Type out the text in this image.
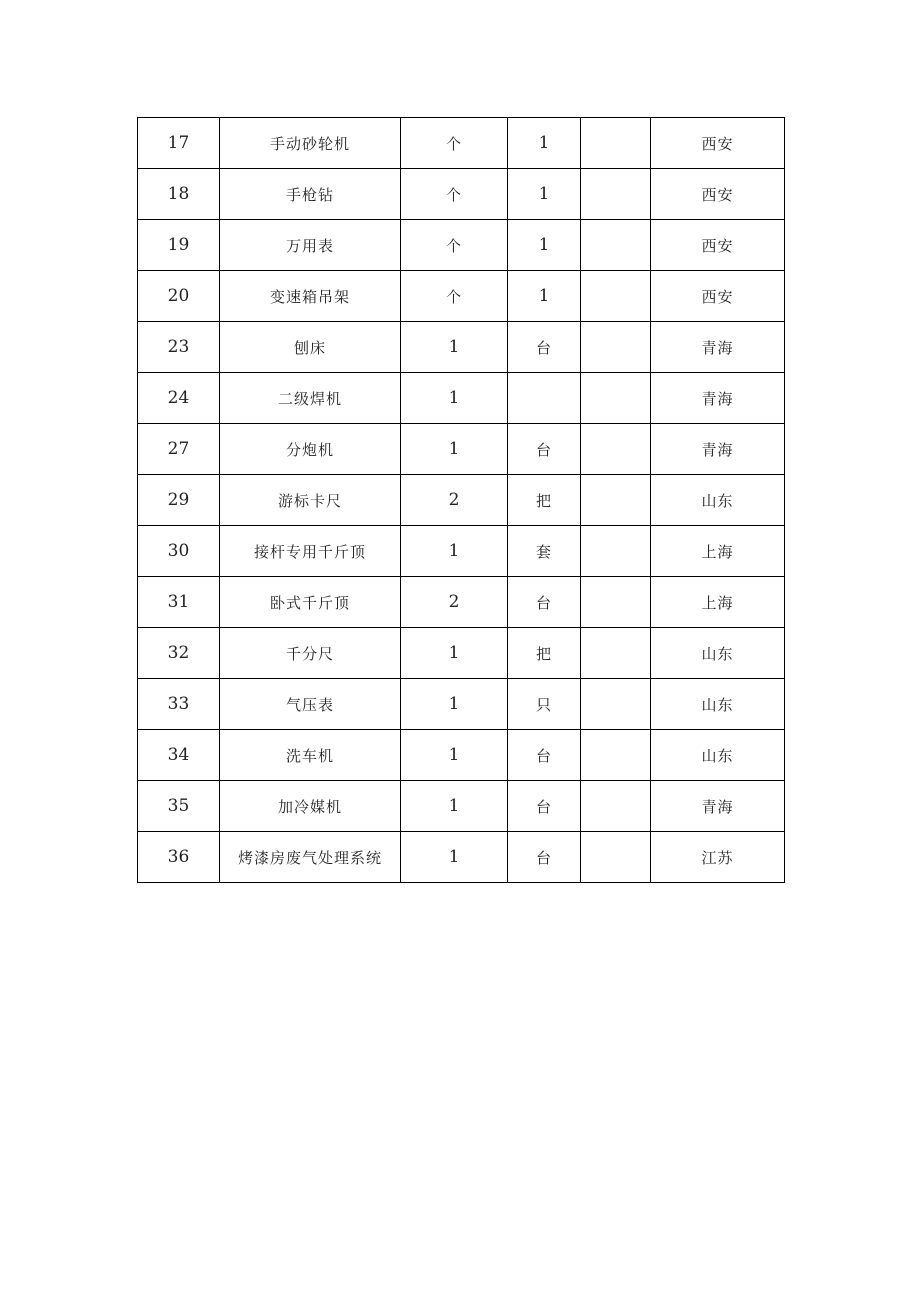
17	手动砂轮机	个	1		西安
18	手枪钻	个	1		西安
19	万用表	个	1		西安
20	变速箱吊架	个	1		西安
23	刨床	1	台		青海
24	二级焊机	1			青海
27	分炮机	1	台		青海
29	游标卡尺	2	把		山东
30	接杆专用千斤顶	1	套		上海
31	卧式千斤顶	2	台		上海
32	千分尺	1	把		山东
33	气压表	1	只		山东
34	洗车机	1	台		山东
35	加冷媒机	1	台		青海
36	烤漆房废气处理系统	1	台		江苏
